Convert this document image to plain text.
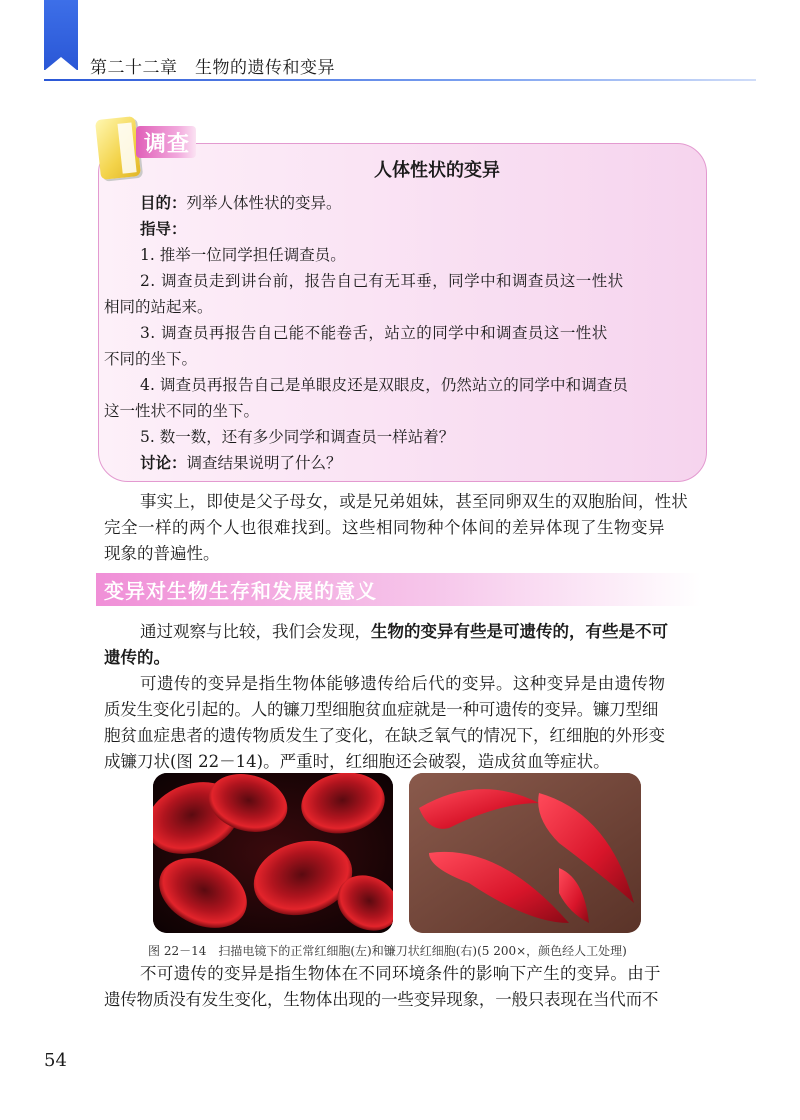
第二十二章　生物的遗传和变异
调查
人体性状的变异
目的：列举人体性状的变异。
指导：
1. 推举一位同学担任调查员。
2. 调查员走到讲台前，报告自己有无耳垂，同学中和调查员这一性状
相同的站起来。
3. 调查员再报告自己能不能卷舌，站立的同学中和调查员这一性状
不同的坐下。
4. 调查员再报告自己是单眼皮还是双眼皮，仍然站立的同学中和调查员
这一性状不同的坐下。
5. 数一数，还有多少同学和调查员一样站着？
讨论：调查结果说明了什么？
事实上，即使是父子母女，或是兄弟姐妹，甚至同卵双生的双胞胎间，性状
完全一样的两个人也很难找到。这些相同物种个体间的差异体现了生物变异
现象的普遍性。
变异对生物生存和发展的意义
通过观察与比较，我们会发现，生物的变异有些是可遗传的，有些是不可
遗传的。
可遗传的变异是指生物体能够遗传给后代的变异。这种变异是由遗传物
质发生变化引起的。人的镰刀型细胞贫血症就是一种可遗传的变异。镰刀型细
胞贫血症患者的遗传物质发生了变化，在缺乏氧气的情况下，红细胞的外形变
成镰刀状(图 22－14)。严重时，红细胞还会破裂，造成贫血等症状。
图 22－14　扫描电镜下的正常红细胞(左)和镰刀状红细胞(右)(5 200×，颜色经人工处理)
不可遗传的变异是指生物体在不同环境条件的影响下产生的变异。由于
遗传物质没有发生变化，生物体出现的一些变异现象，一般只表现在当代而不
54
